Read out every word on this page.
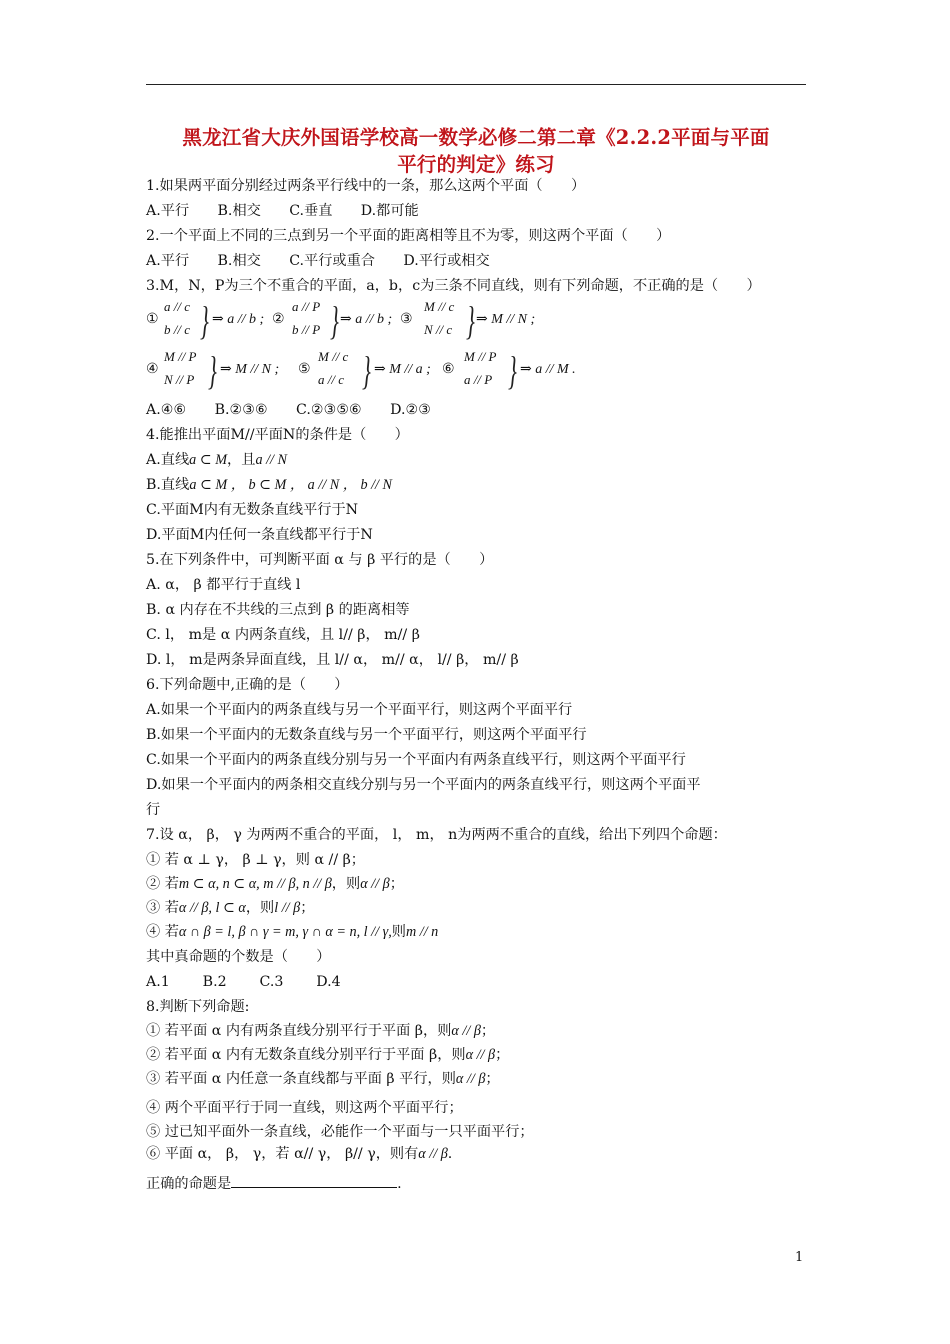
黑龙江省大庆外国语学校高一数学必修二第二章《2.2.2平面与平面
平行的判定》练习
1.如果两平面分别经过两条平行线中的一条，那么这两个平面（　　）
A.平行　　B.相交　　C.垂直　　D.都可能
2.一个平面上不同的三点到另一个平面的距离相等且不为零，则这两个平面（　　）
A.平行　　B.相交　　C.平行或重合　　D.平行或相交
3.M，N，P为三个不重合的平面，a，b，c为三条不同直线，则有下列命题，不正确的是（　　）
①
a // c
b // c } ⇒ a // b ; ②
a // P
b // P } ⇒ a // b ; ③
M // c
N // c } ⇒ M // N ;
④
M // P
N // P } ⇒ M // N ; ⑤
M // c
a // c } ⇒ M // a ; ⑥
M // P
a // P } ⇒ a // M .
A.④⑥　　B.②③⑥　　C.②③⑤⑥　　D.②③
4.能推出平面M//平面N的条件是（　　）
A.直线a ⊂ M，且a // N
B.直线a ⊂ M ， b ⊂ M ， a // N ， b // N
C.平面M内有无数条直线平行于N
D.平面M内任何一条直线都平行于N
5.在下列条件中，可判断平面 α 与 β 平行的是（　　）
A. α， β 都平行于直线 l
B. α 内存在不共线的三点到 β 的距离相等
C. l， m是 α 内两条直线，且 l// β， m// β
D. l， m是两条异面直线，且 l// α， m// α， l// β， m// β
6.下列命题中,正确的是（　　）
A.如果一个平面内的两条直线与另一个平面平行，则这两个平面平行
B.如果一个平面内的无数条直线与另一个平面平行，则这两个平面平行
C.如果一个平面内的两条直线分别与另一个平面内有两条直线平行，则这两个平面平行
D.如果一个平面内的两条相交直线分别与另一个平面内的两条直线平行，则这两个平面平
行
7.设 α， β， γ 为两两不重合的平面， l， m， n为两两不重合的直线，给出下列四个命题：
① 若 α ⊥ γ， β ⊥ γ，则 α // β；
② 若m ⊂ α, n ⊂ α, m // β, n // β，则α // β；
③ 若α // β, l ⊂ α，则l // β；
④ 若α ∩ β = l, β ∩ γ = m, γ ∩ α = n, l // γ,则m // n
其中真命题的个数是（　　）
A.1　　 B.2　　 C.3　　 D.4
8.判断下列命题:
① 若平面 α 内有两条直线分别平行于平面 β，则α // β；
② 若平面 α 内有无数条直线分别平行于平面 β，则α // β；
③ 若平面 α 内任意一条直线都与平面 β 平行，则α // β；
④ 两个平面平行于同一直线，则这两个平面平行；
⑤ 过已知平面外一条直线，必能作一个平面与一只平面平行；
⑥ 平面 α， β， γ，若 α// γ， β// γ，则有α // β.
正确的命题是	.
1
